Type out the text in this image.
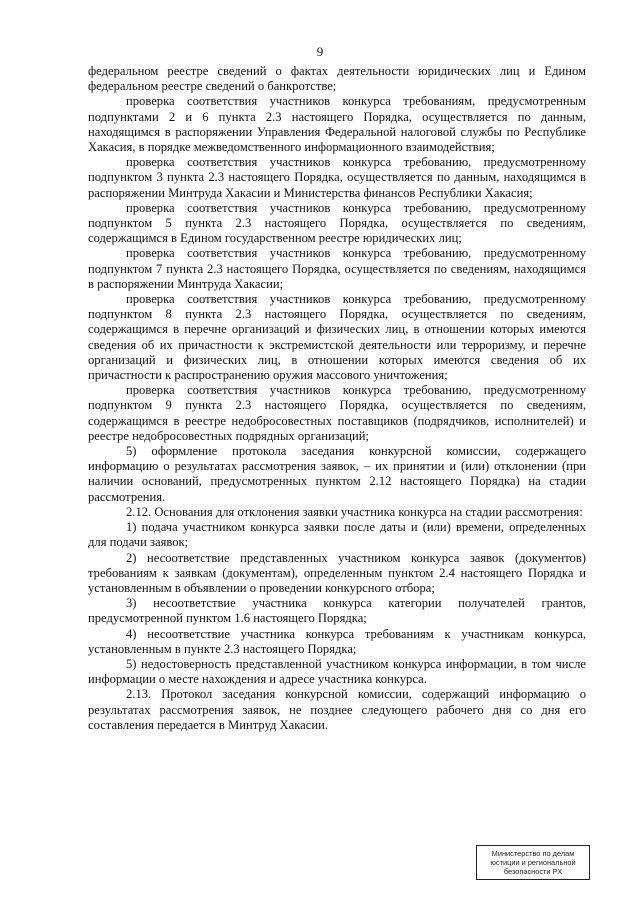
9

федеральном реестре сведений о фактах деятельности юридических лиц и Едином федеральном реестре сведений о банкротстве;

проверка соответствия участников конкурса требованиям, предусмотренным подпунктами 2 и 6 пункта 2.3 настоящего Порядка, осуществляется по данным, находящимся в распоряжении Управления Федеральной налоговой службы по Республике Хакасия, в порядке межведомственного информационного взаимодействия;

проверка соответствия участников конкурса требованию, предусмотренному подпунктом 3 пункта 2.3 настоящего Порядка, осуществляется по данным, находящимся в распоряжении Минтруда Хакасии и Министерства финансов Республики Хакасия;

проверка соответствия участников конкурса требованию, предусмотренному подпунктом 5 пункта 2.3 настоящего Порядка, осуществляется по сведениям, содержащимся в Едином государственном реестре юридических лиц;

проверка соответствия участников конкурса требованию, предусмотренному подпунктом 7 пункта 2.3 настоящего Порядка, осуществляется по сведениям, находящимся в распоряжении Минтруда Хакасии;

проверка соответствия участников конкурса требованию, предусмотренному подпунктом 8 пункта 2.3 настоящего Порядка, осуществляется по сведениям, содержащимся в перечне организаций и физических лиц, в отношении которых имеются сведения об их причастности к экстремистской деятельности или терроризму, и перечне организаций и физических лиц, в отношении которых имеются сведения об их причастности к распространению оружия массового уничтожения;

проверка соответствия участников конкурса требованию, предусмотренному подпунктом 9 пункта 2.3 настоящего Порядка, осуществляется по сведениям, содержащимся в реестре недобросовестных поставщиков (подрядчиков, исполнителей) и реестре недобросовестных подрядных организаций;

5) оформление протокола заседания конкурсной комиссии, содержащего информацию о результатах рассмотрения заявок, – их принятии и (или) отклонении (при наличии оснований, предусмотренных пунктом 2.12 настоящего Порядка) на стадии рассмотрения.

2.12. Основания для отклонения заявки участника конкурса на стадии рассмотрения:

1) подача участником конкурса заявки после даты и (или) времени, определенных для подачи заявок;

2) несоответствие представленных участником конкурса заявок (документов) требованиям к заявкам (документам), определенным пунктом 2.4 настоящего Порядка и установленным в объявлении о проведении конкурсного отбора;

3) несоответствие участника конкурса категории получателей грантов, предусмотренной пунктом 1.6 настоящего Порядка;

4) несоответствие участника конкурса требованиям к участникам конкурса, установленным в пункте 2.3 настоящего Порядка;

5) недостоверность представленной участником конкурса информации, в том числе информации о месте нахождения и адресе участника конкурса.

2.13. Протокол заседания конкурсной комиссии, содержащий информацию о результатах рассмотрения заявок, не позднее следующего рабочего дня со дня его составления передается в Минтруд Хакасии.

Министерство по делам
юстиции и региональной
безопасности РХ
